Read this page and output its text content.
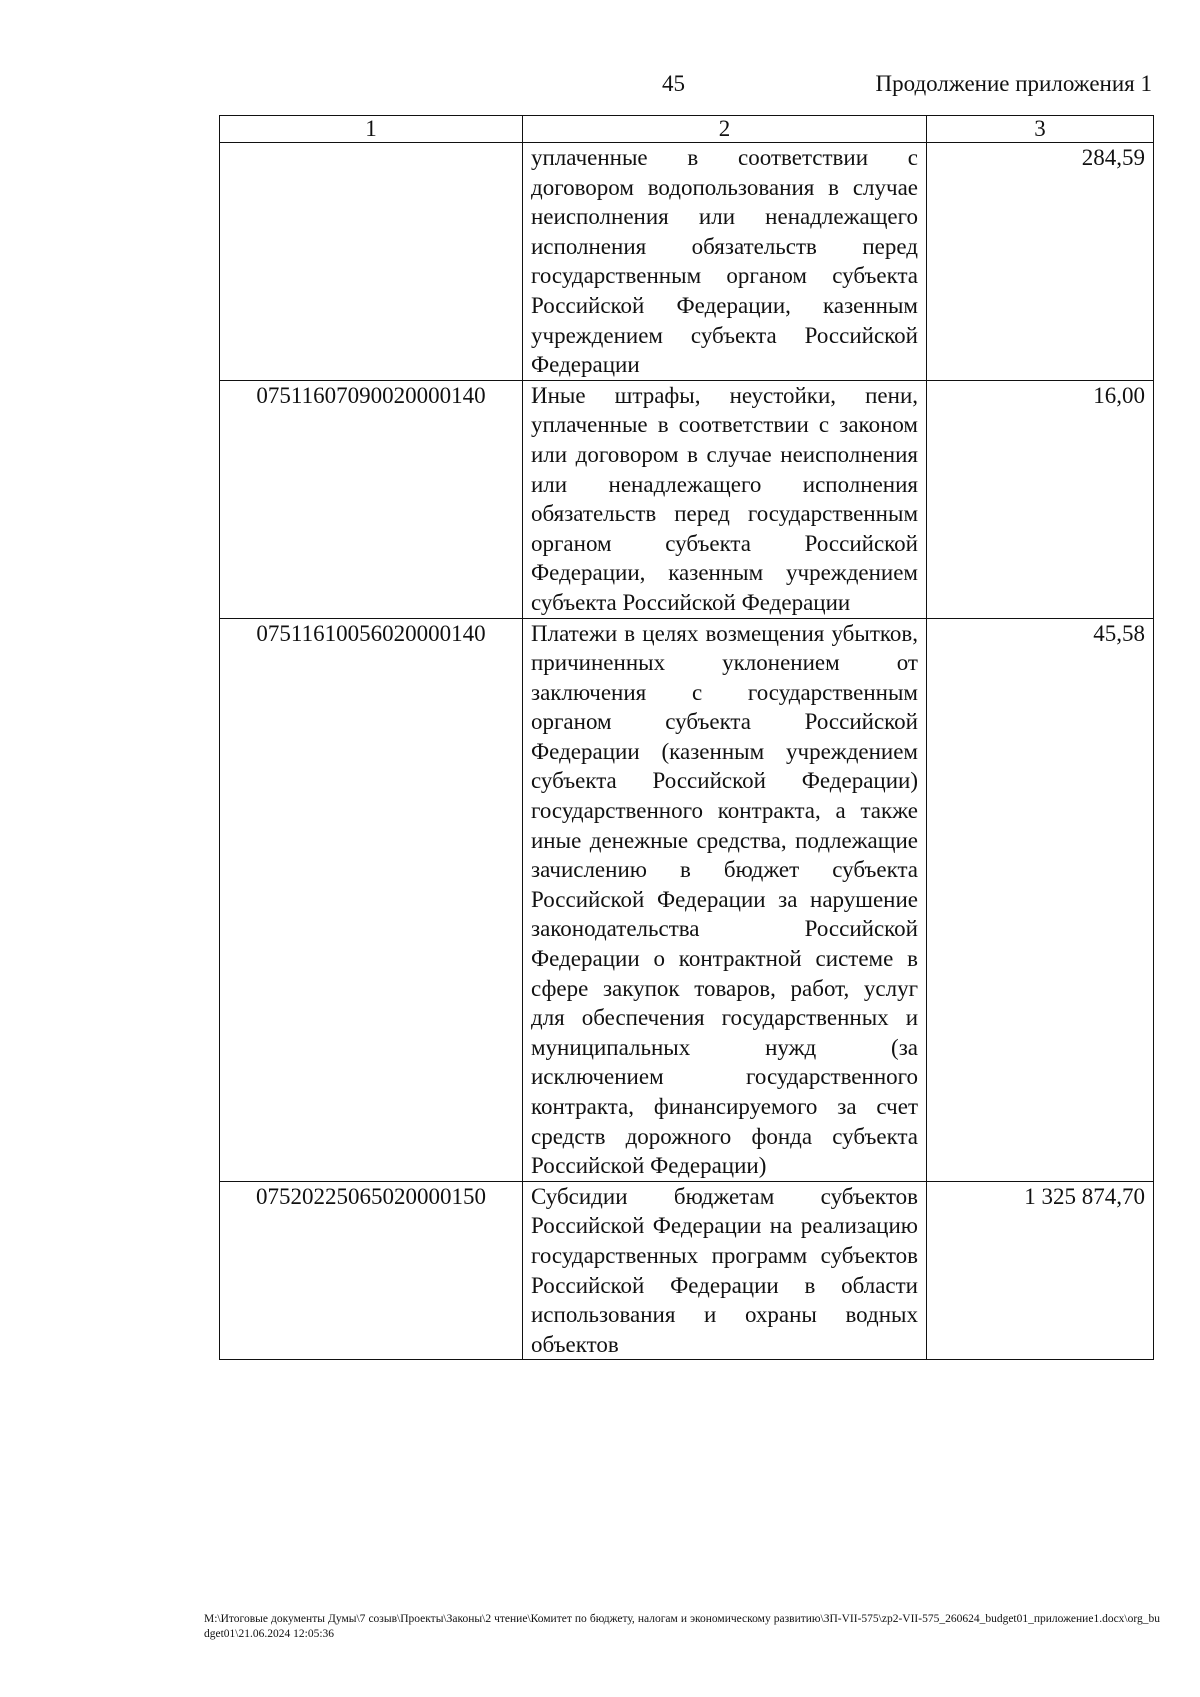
45	Продолжение приложения 1
1	2	3
	уплаченные в соответствии с договором водопользования в случае неисполнения или ненадлежащего исполнения обязательств перед государственным органом субъекта Российской Федерации, казенным учреждением субъекта Российской Федерации	284,59
07511607090020000140	Иные штрафы, неустойки, пени, уплаченные в соответствии с законом или договором в случае неисполнения или ненадлежащего исполнения обязательств перед государственным органом субъекта Российской Федерации, казенным учреждением субъекта Российской Федерации	16,00
07511610056020000140	Платежи в целях возмещения убытков, причиненных уклонением от заключения с государственным органом субъекта Российской Федерации (казенным учреждением субъекта Российской Федерации) государственного контракта, а также иные денежные средства, подлежащие зачислению в бюджет субъекта Российской Федерации за нарушение законодательства Российской Федерации о контрактной системе в сфере закупок товаров, работ, услуг для обеспечения государственных и муниципальных нужд (за исключением государственного контракта, финансируемого за счет средств дорожного фонда субъекта Российской Федерации)	45,58
07520225065020000150	Субсидии бюджетам субъектов Российской Федерации на реализацию государственных программ субъектов Российской Федерации в области использования и охраны водных объектов	1 325 874,70
М:\Итоговые документы Думы\7 созыв\Проекты\Законы\2 чтение\Комитет по бюджету, налогам и экономическому развитию\ЗП-VII-575\zp2-VII-575_260624_budget01_приложение1.docx\org_budget01\21.06.2024 12:05:36
